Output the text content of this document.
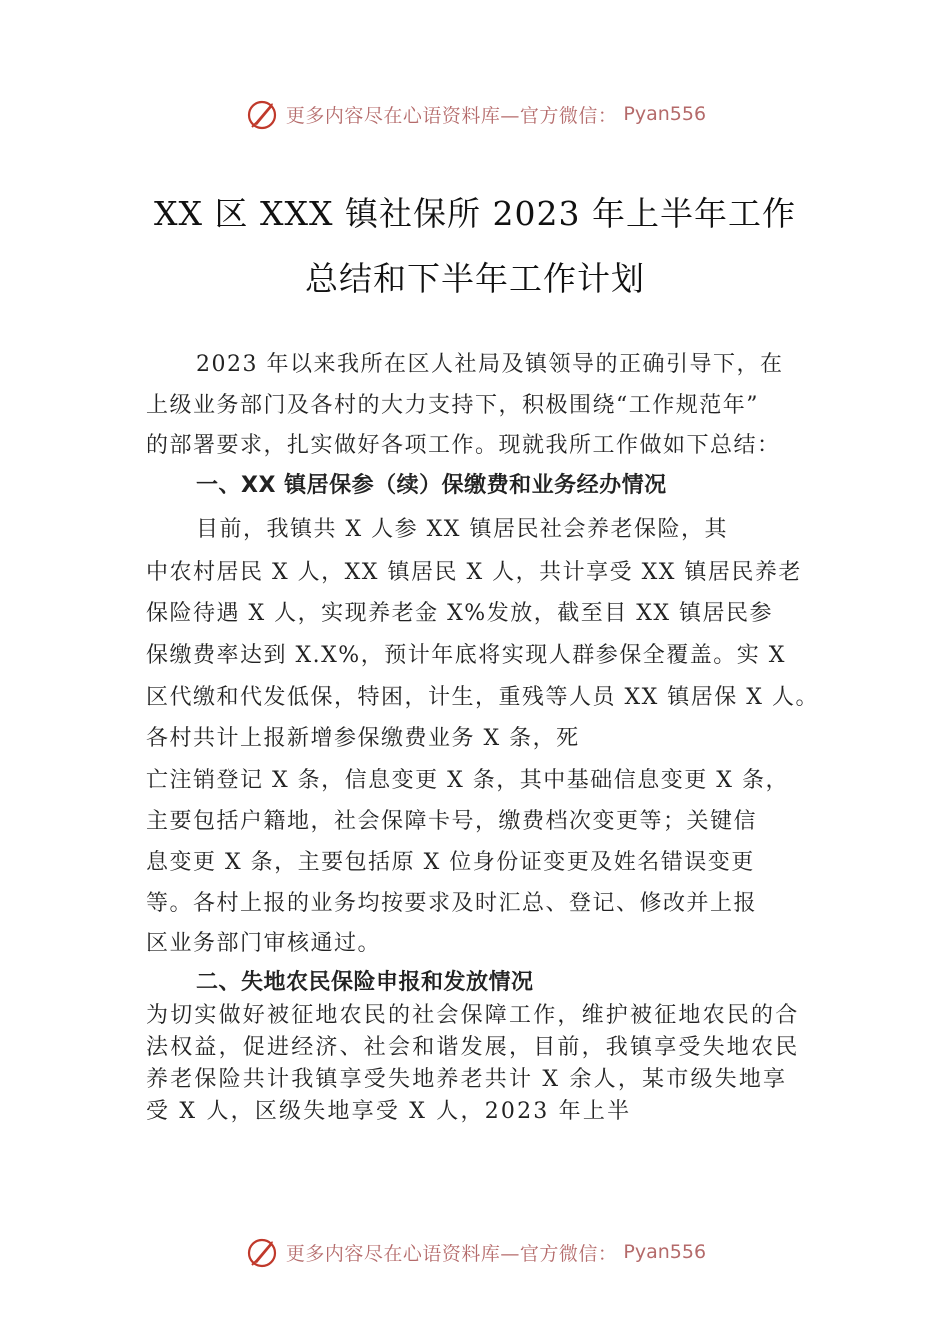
更多内容尽在心语资料库—官方微信： Pyan556
XX 区 XXX 镇社保所 2023 年上半年工作
总结和下半年工作计划
2023 年以来我所在区人社局及镇领导的正确引导下，在
上级业务部门及各村的大力支持下，积极围绕“工作规范年”
的部署要求，扎实做好各项工作。现就我所工作做如下总结：
一、XX 镇居保参（续）保缴费和业务经办情况
目前，我镇共 X 人参 XX 镇居民社会养老保险，其
中农村居民 X 人，XX 镇居民 X 人，共计享受 XX 镇居民养老
保险待遇 X 人，实现养老金 X%发放，截至目 XX 镇居民参
保缴费率达到 X.X%，预计年底将实现人群参保全覆盖。实 X
区代缴和代发低保，特困，计生，重残等人员 XX 镇居保 X 人。
各村共计上报新增参保缴费业务 X 条，死
亡注销登记 X 条，信息变更 X 条，其中基础信息变更 X 条，
主要包括户籍地，社会保障卡号，缴费档次变更等；关键信
息变更 X 条，主要包括原 X 位身份证变更及姓名错误变更
等。各村上报的业务均按要求及时汇总、登记、修改并上报
区业务部门审核通过。
二、失地农民保险申报和发放情况
为切实做好被征地农民的社会保障工作，维护被征地农民的合
法权益，促进经济、社会和谐发展，目前，我镇享受失地农民
养老保险共计我镇享受失地养老共计 X 余人，某市级失地享
受 X 人，区级失地享受 X 人，2023 年上半
更多内容尽在心语资料库—官方微信： Pyan556
